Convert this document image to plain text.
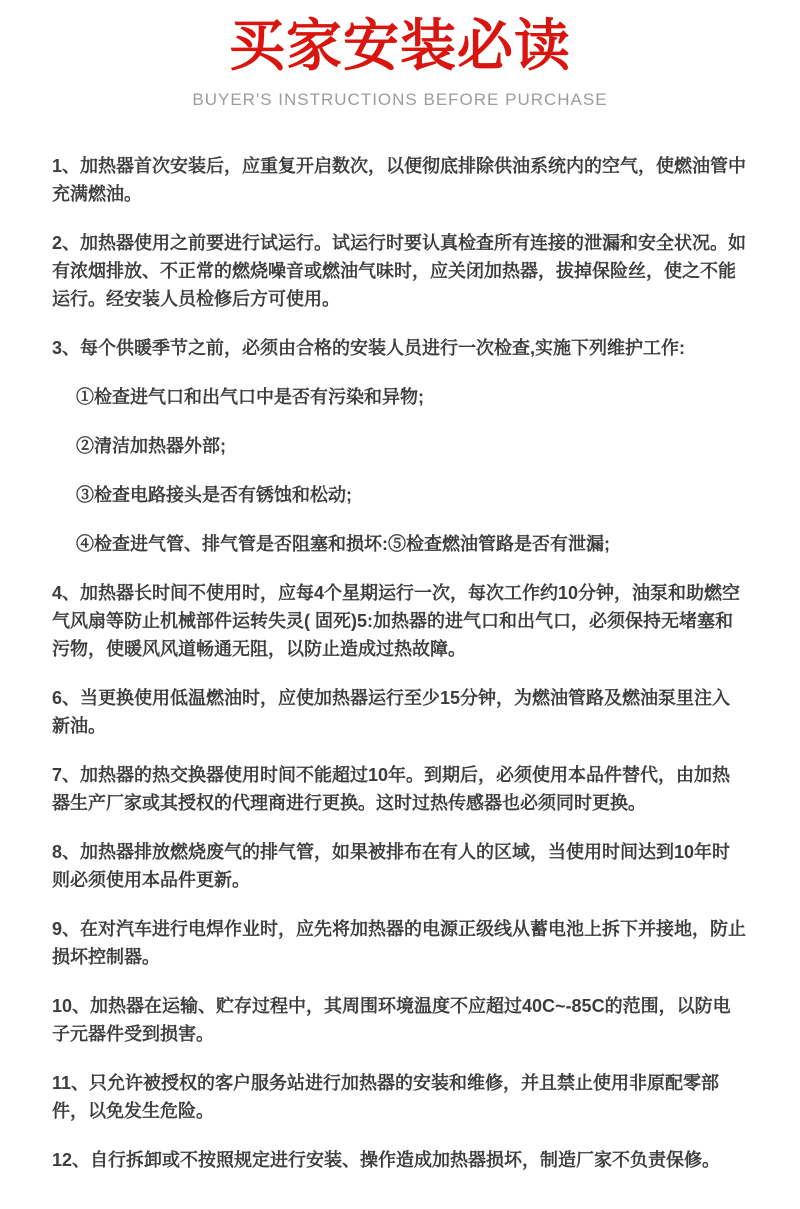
买家安装必读

BUYER'S INSTRUCTIONS BEFORE PURCHASE

1、加热器首次安装后，应重复开启数次，以便彻底排除供油系统内的空气，使燃油管中充满燃油。

2、加热器使用之前要进行试运行。试运行时要认真检查所有连接的泄漏和安全状况。如有浓烟排放、不正常的燃烧噪音或燃油气味时，应关闭加热器，拔掉保险丝，使之不能运行。经安装人员检修后方可使用。

3、每个供暖季节之前，必须由合格的安装人员进行一次检查,实施下列维护工作:

①检查进气口和出气口中是否有污染和异物;

②清洁加热器外部;

③检查电路接头是否有锈蚀和松动;

④检查进气管、排气管是否阻塞和损坏:⑤检查燃油管路是否有泄漏;

4、加热器长时间不使用时，应每4个星期运行一次，每次工作约10分钟，油泵和助燃空气风扇等防止机械部件运转失灵( 固死)5:加热器的进气口和出气口，必须保持无堵塞和污物，使暖风风道畅通无阻，以防止造成过热故障。

6、当更换使用低温燃油时，应使加热器运行至少15分钟，为燃油管路及燃油泵里注入新油。

7、加热器的热交换器使用时间不能超过10年。到期后，必须使用本品件替代，由加热器生产厂家或其授权的代理商进行更换。这时过热传感器也必须同时更换。

8、加热器排放燃烧废气的排气管，如果被排布在有人的区域，当使用时间达到10年时则必须使用本品件更新。

9、在对汽车进行电焊作业时，应先将加热器的电源正级线从蓄电池上拆下并接地，防止损坏控制器。

10、加热器在运输、贮存过程中，其周围环境温度不应超过40C~-85C的范围，以防电子元器件受到损害。

11、只允许被授权的客户服务站进行加热器的安装和维修，并且禁止使用非原配零部件，以免发生危险。

12、自行拆卸或不按照规定进行安装、操作造成加热器损坏，制造厂家不负责保修。
